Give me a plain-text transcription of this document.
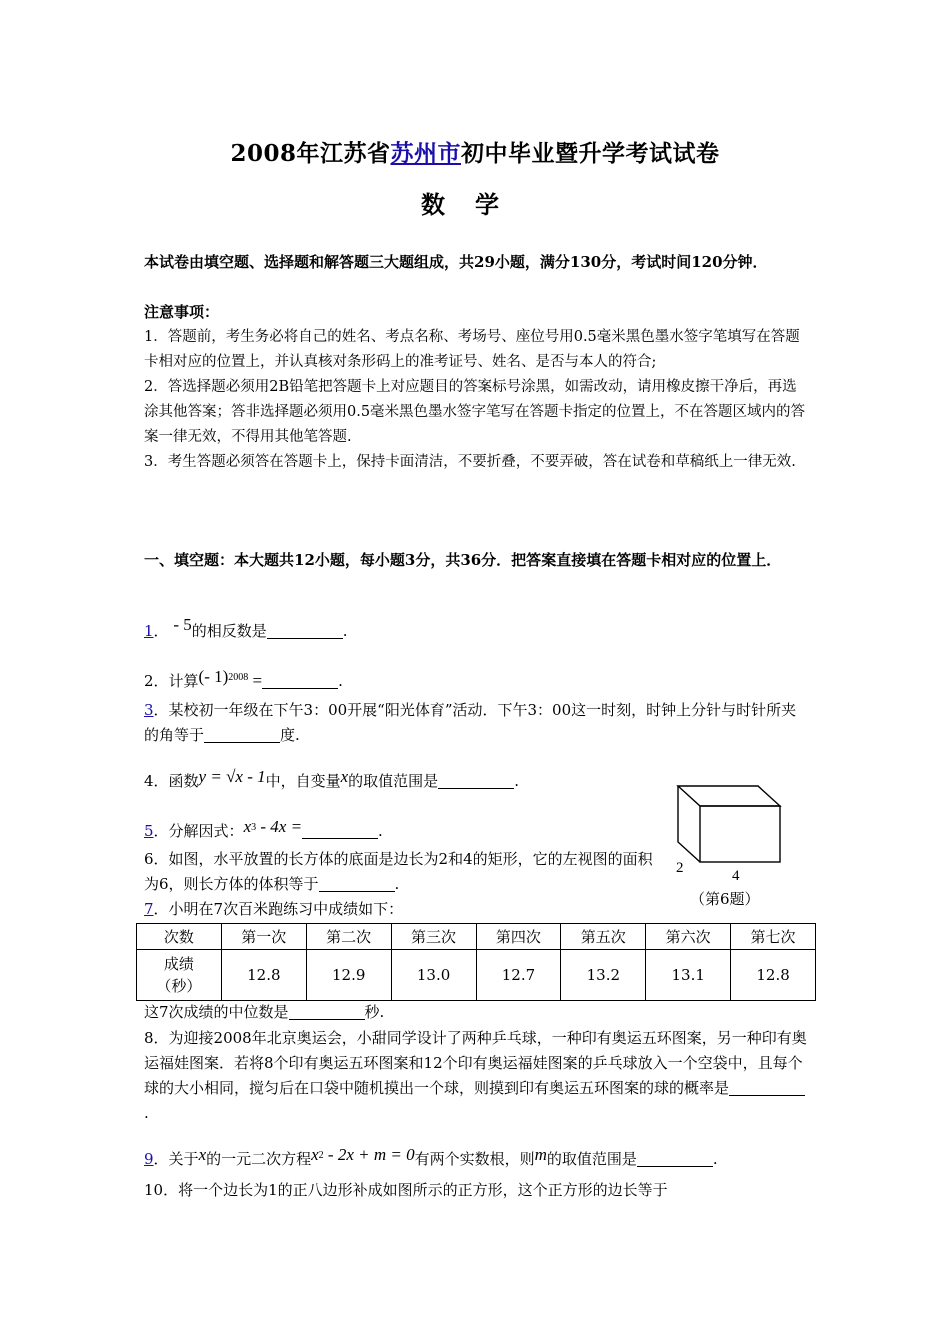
2008年江苏省苏州市初中毕业暨升学考试试卷
数学
本试卷由填空题、选择题和解答题三大题组成，共29小题，满分130分，考试时间120分钟．
注意事项：

1．答题前，考生务必将自己的姓名、考点名称、考场号、座位号用0.5毫米黑色墨水签字笔填写在答题卡相对应的位置上，并认真核对条形码上的准考证号、姓名、是否与本人的符合;

2．答选择题必须用2B铅笔把答题卡上对应题目的答案标号涂黑，如需改动，请用橡皮擦干净后，再选涂其他答案；答非选择题必须用0.5毫米黑色墨水签字笔写在答题卡指定的位置上，不在答题区域内的答案一律无效，不得用其他笔答题.

3．考生答题必须答在答题卡上，保持卡面清洁，不要折叠，不要弄破，答在试卷和草稿纸上一律无效.

一、填空题：本大题共12小题，每小题3分，共36分．把答案直接填在答题卡相对应的位置上．
1． - 5的相反数是	.
2．计算(- 1)$^{2008}$ =	.
3．某校初一年级在下午3：00开展“阳光体育”活动．下午3：00这一时刻，时钟上分针与时针所夹的角等于	度.
4．函数y = √x - 1中，自变量x的取值范围是	.
5．分解因式：$x^3 - 4x$ =	.
6．如图，水平放置的长方体的底面是边长为2和4的矩形，它的左视图的面积为6，则长方体的体积等于	.
2	4
（第6题）
7．小明在7次百米跑练习中成绩如下：
次数	第一次	第二次	第三次	第四次	第五次	第六次	第七次
成绩
（秒）	12.8	12.9	13.0	12.7	13.2	13.1	12.8
这7次成绩的中位数是	秒.
8．为迎接2008年北京奥运会，小甜同学设计了两种乒乓球，一种印有奥运五环图案，另一种印有奥运福娃图案．若将8个印有奥运五环图案和12个印有奥运福娃图案的乒乓球放入一个空袋中，且每个球的大小相同，搅匀后在口袋中随机摸出一个球，则摸到印有奥运五环图案的球的概率是.
9．关于x的一元二次方程$x^2 - 2x + m = 0$有两个实数根，则m的取值范围是	.
10．将一个边长为1的正八边形补成如图所示的正方形，这个正方形的边长等于
